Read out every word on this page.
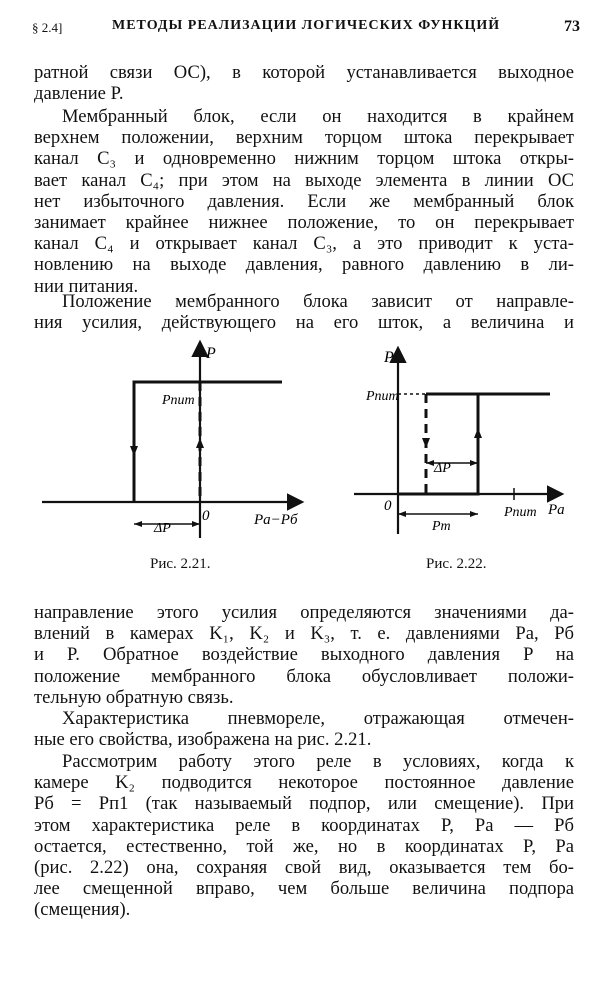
§ 2.4]	МЕТОДЫ РЕАЛИЗАЦИИ ЛОГИЧЕСКИХ ФУНКЦИЙ	73
ратной связи ОС), в которой устанавливается выходное
давление P.
Мембранный блок, если он находится в крайнем
верхнем положении, верхним торцом штока перекрывает
канал C₃ и одновременно нижним торцом штока откры-
вает канал C₄; при этом на выходе элемента в линии ОС
нет избыточного давления. Если же мембранный блок
занимает крайнее нижнее положение, то он перекрывает
канал C₄ и открывает канал C₃, а это приводит к уста-
новлению на выходе давления, равного давлению в ли-
нии питания.
Положение мембранного блока зависит от направле-
ния усилия, действующего на его шток, а величина и
P
Pпит
0	Pа−Pб
ΔP
P
Pпит
0
ΔP
Pm
Pпит Pа
Рис. 2.21.	Рис. 2.22.
направление этого усилия определяются значениями да-
влений в камерах K₁, K₂ и K₃, т. е. давлениями Pа, Pб
и P. Обратное воздействие выходного давления P на
положение мембранного блока обусловливает положи-
тельную обратную связь.
Характеристика пневмореле, отражающая отмечен-
ные его свойства, изображена на рис. 2.21.
Рассмотрим работу этого реле в условиях, когда к
камере K₂ подводится некоторое постоянное давление
Pб = Pп1 (так называемый подпор, или смещение). При
этом характеристика реле в координатах P, Pа — Pб
остается, естественно, той же, но в координатах P, Pа
(рис. 2.22) она, сохраняя свой вид, оказывается тем бо-
лее смещенной вправо, чем больше величина подпора
(смещения).
